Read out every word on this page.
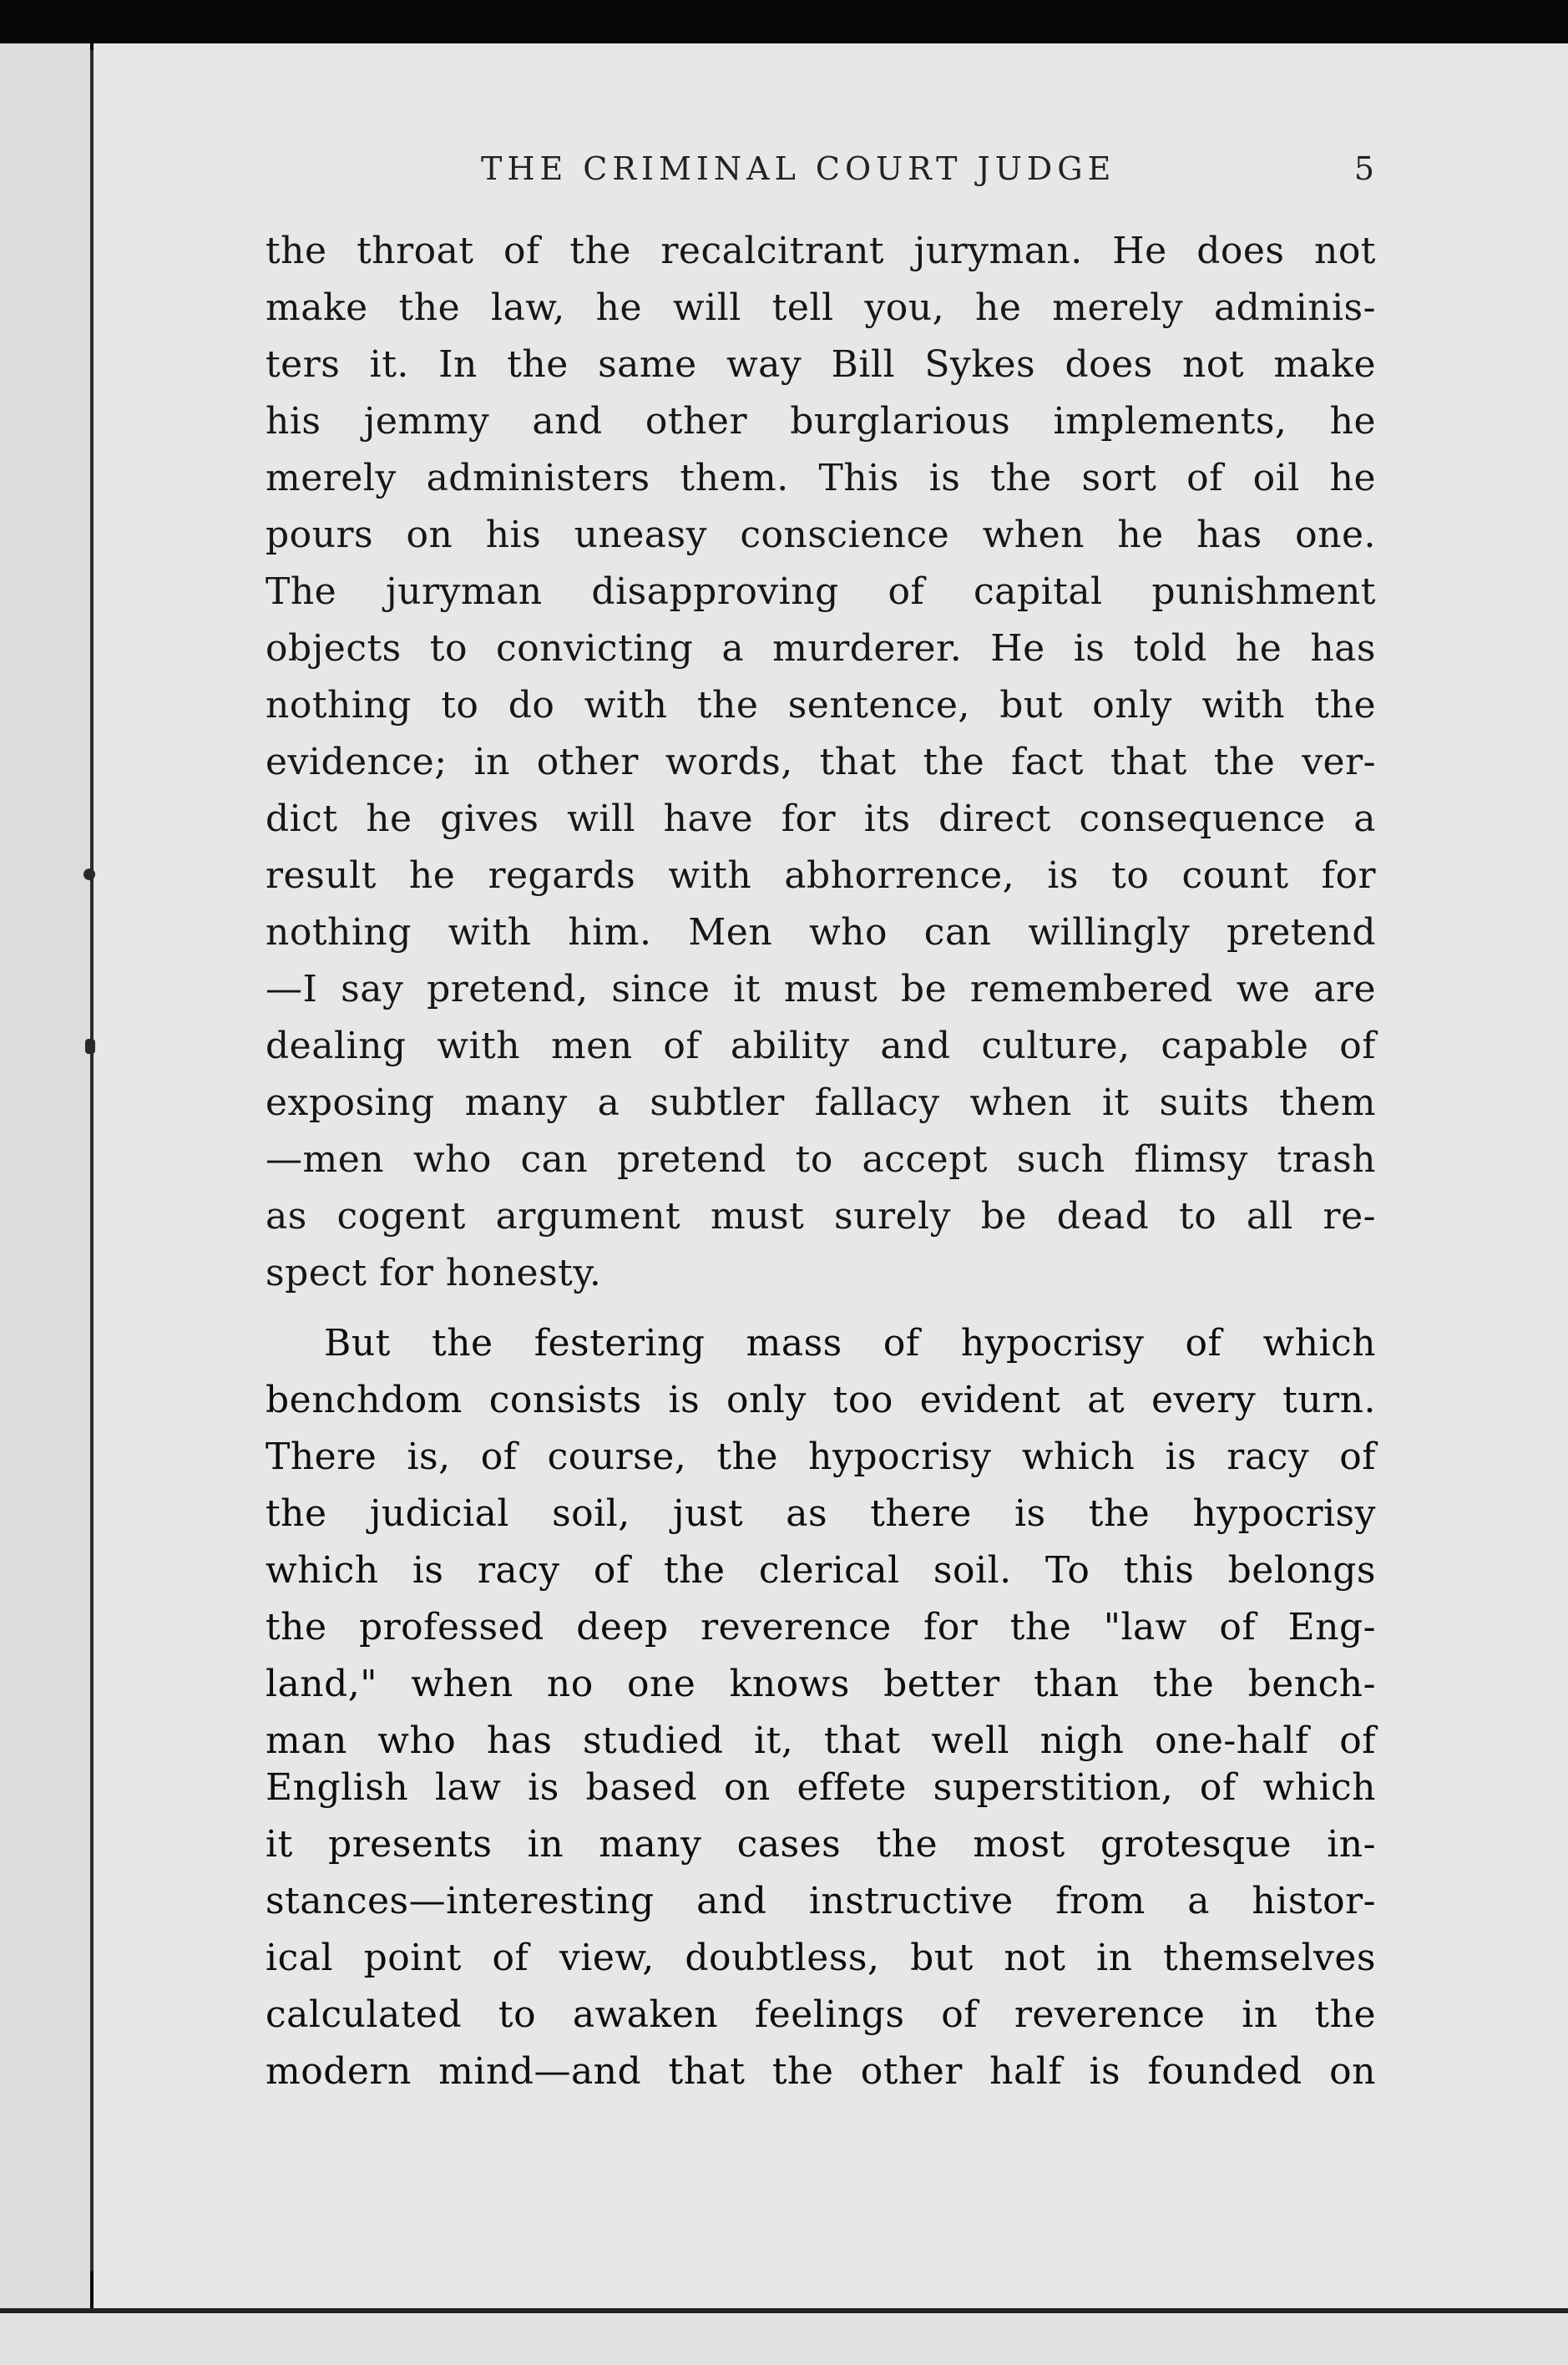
THE CRIMINAL COURT JUDGE	5
the throat of the recalcitrant juryman. He does not
make the law, he will tell you, he merely adminis-
ters it. In the same way Bill Sykes does not make
his jemmy and other burglarious implements, he
merely administers them. This is the sort of oil he
pours on his uneasy conscience when he has one.
The juryman disapproving of capital punishment
objects to convicting a murderer. He is told he has
nothing to do with the sentence, but only with the
evidence; in other words, that the fact that the ver-
dict he gives will have for its direct consequence a
result he regards with abhorrence, is to count for
nothing with him. Men who can willingly pretend
—I say pretend, since it must be remembered we are
dealing with men of ability and culture, capable of
exposing many a subtler fallacy when it suits them
—men who can pretend to accept such flimsy trash
as cogent argument must surely be dead to all re-
spect for honesty.
But the festering mass of hypocrisy of which
benchdom consists is only too evident at every turn.
There is, of course, the hypocrisy which is racy of
the judicial soil, just as there is the hypocrisy
which is racy of the clerical soil. To this belongs
the professed deep reverence for the "law of Eng-
land," when no one knows better than the bench-
man who has studied it, that well nigh one-half of
English law is based on effete superstition, of which
it presents in many cases the most grotesque in-
stances—interesting and instructive from a histor-
ical point of view, doubtless, but not in themselves
calculated to awaken feelings of reverence in the
modern mind—and that the other half is founded on
